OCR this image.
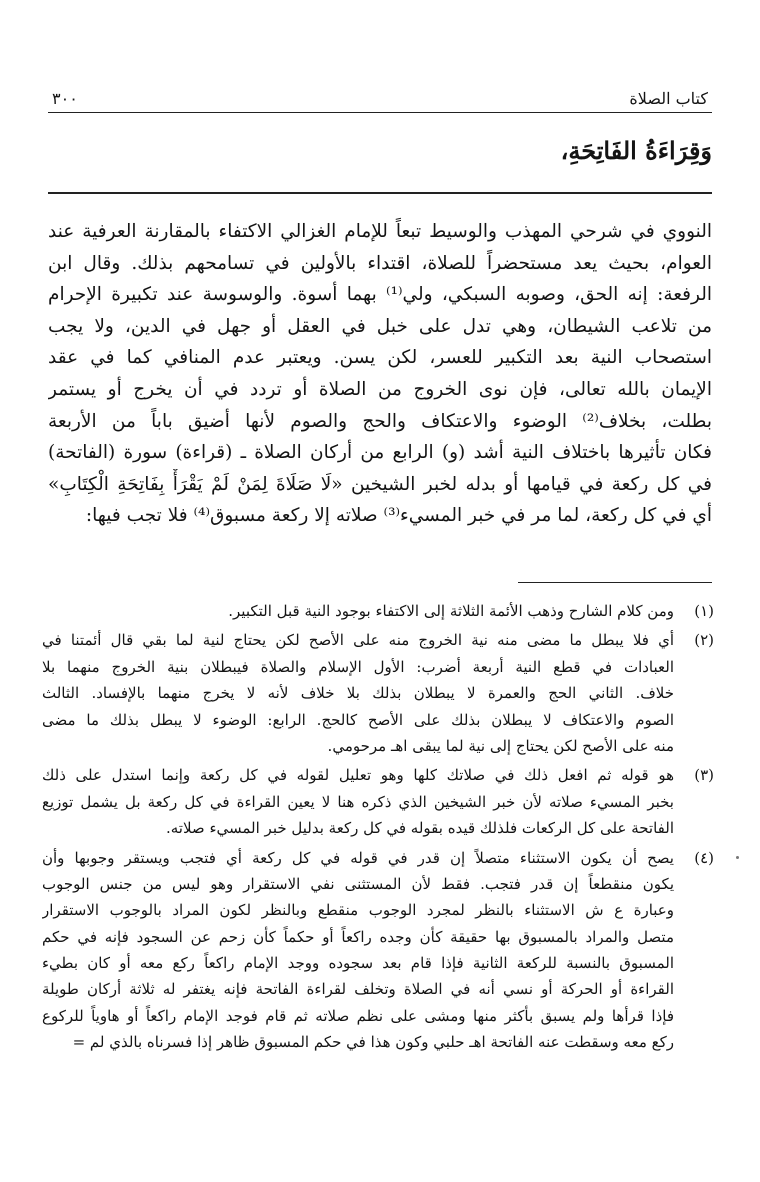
٣٠٠	كتاب الصلاة
وَقِرَاءَةُ الفَاتِحَةِ،
النووي في شرحي المهذب والوسيط تبعاً للإمام الغزالي الاكتفاء بالمقارنة العرفية عند
العوام، بحيث يعد مستحضراً للصلاة، اقتداء بالأولين في تسامحهم بذلك. وقال ابن
الرفعة: إنه الحق، وصوبه السبكي، ولي⁽¹⁾ بهما أسوة. والوسوسة عند تكبيرة الإحرام
من تلاعب الشيطان، وهي تدل على خبل في العقل أو جهل في الدين، ولا يجب
استصحاب النية بعد التكبير للعسر، لكن يسن. ويعتبر عدم المنافي كما في عقد
الإيمان بالله تعالى، فإن نوى الخروج من الصلاة أو تردد في أن يخرج أو يستمر
بطلت، بخلاف⁽²⁾ الوضوء والاعتكاف والحج والصوم لأنها أضيق باباً من الأربعة
فكان تأثيرها باختلاف النية أشد (و) الرابع من أركان الصلاة ـ (قراءة) سورة (الفاتحة)
في كل ركعة في قيامها أو بدله لخبر الشيخين «لَا صَلَاةَ لِمَنْ لَمْ يَقْرَأْ بِفَاتِحَةِ الْكِتَابِ»
أي في كل ركعة، لما مر في خبر المسيء⁽³⁾ صلاته إلا ركعة مسبوق⁽⁴⁾ فلا تجب فيها:
(١)
ومن كلام الشارح وذهب الأئمة الثلاثة إلى الاكتفاء بوجود النية قبل التكبير.
(٢)
أي فلا يبطل ما مضى منه نية الخروج منه على الأصح لكن يحتاج لنية لما بقي قال أئمتنا في
العبادات في قطع النية أربعة أضرب: الأول الإسلام والصلاة فيبطلان بنية الخروج منهما بلا
خلاف. الثاني الحج والعمرة لا يبطلان بذلك بلا خلاف لأنه لا يخرج منهما بالإفساد. الثالث
الصوم والاعتكاف لا يبطلان بذلك على الأصح كالحج. الرابع: الوضوء لا يبطل بذلك ما مضى
منه على الأصح لكن يحتاج إلى نية لما يبقى اهـ مرحومي.
(٣)
هو قوله ثم افعل ذلك في صلاتك كلها وهو تعليل لقوله في كل ركعة وإنما استدل على ذلك
بخبر المسيء صلاته لأن خبر الشيخين الذي ذكره هنا لا يعين القراءة في كل ركعة بل يشمل توزيع
الفاتحة على كل الركعات فلذلك قيده بقوله في كل ركعة بدليل خبر المسيء صلاته.
(٤)
يصح أن يكون الاستثناء متصلاً إن قدر في قوله في كل ركعة أي فتجب ويستقر وجوبها وأن
يكون منقطعاً إن قدر فتجب. فقط لأن المستثنى نفي الاستقرار وهو ليس من جنس الوجوب
وعبارة ع ش الاستثناء بالنظر لمجرد الوجوب منقطع وبالنظر لكون المراد بالوجوب الاستقرار
متصل والمراد بالمسبوق بها حقيقة كأن وجده راكعاً أو حكماً كأن زحم عن السجود فإنه في حكم
المسبوق بالنسبة للركعة الثانية فإذا قام بعد سجوده ووجد الإمام راكعاً ركع معه أو كان بطيء
القراءة أو الحركة أو نسي أنه في الصلاة وتخلف لقراءة الفاتحة فإنه يغتفر له ثلاثة أركان طويلة
فإذا قرأها ولم يسبق بأكثر منها ومشى على نظم صلاته ثم قام فوجد الإمام راكعاً أو هاوياً للركوع
ركع معه وسقطت عنه الفاتحة اهـ حلبي وكون هذا في حكم المسبوق ظاهر إذا فسرناه بالذي لم =
